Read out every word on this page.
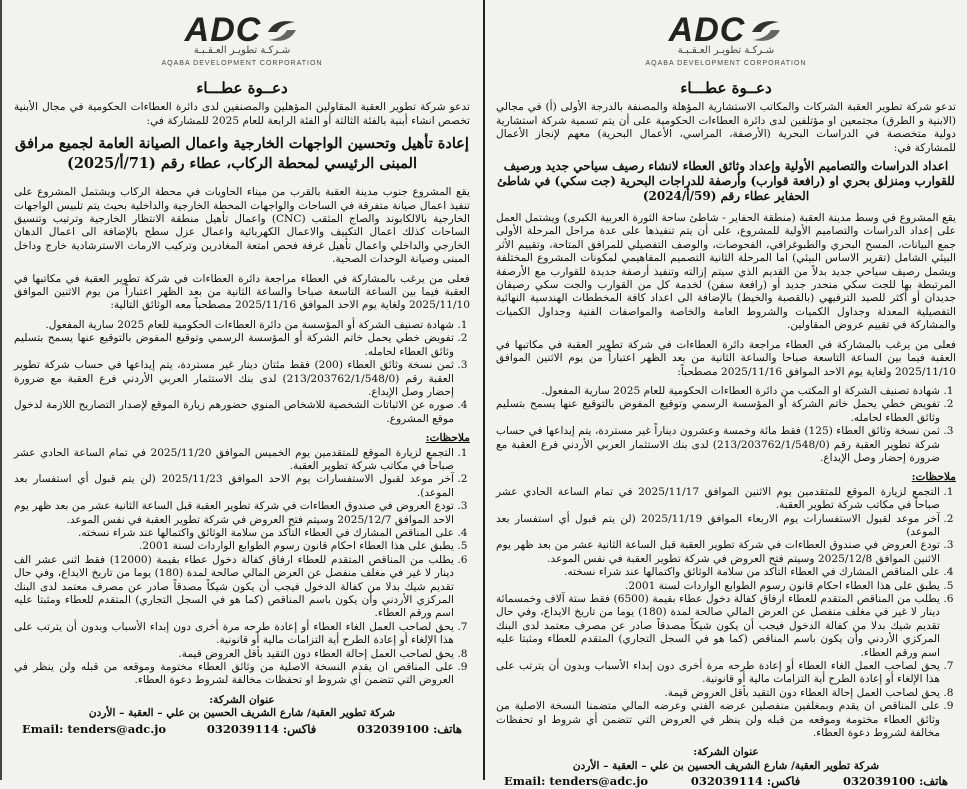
ADC
شـركـة تطويـر العـقـبـة
AQABA DEVELOPMENT CORPORATION
دعــوة عطـــاء

تدعو شركة تطوير العقبة الشركات والمكاتب الاستشارية المؤهلة والمصنفة بالدرجة الأولى (أ) في مجالي (الابنية و الطرق) مجتمعين او مؤتلفين لدى دائرة العطاءات الحكومية على أن يتم تسمية شركة استشارية دولية متخصصة في الدراسات البحرية (الأرصفة، المراسي، الأعمال البحرية) معهم لإنجاز الأعمال للمشاركة في:

اعداد الدراسات والتصاميم الأولية وإعداد وثائق العطاء لانشاء رصيف سياحي جديد ورصيف للقوارب ومنزلق بحري او (رافعة قوارب) وأرصفة للدراجات البحرية (جت سكي) في شاطئ الحفاير عطاء رقم (59/أ/2024)

يقع المشروع في وسط مدينة العقبة (منطقة الحفاير - شاطئ ساحة الثورة العربية الكبرى) ويشتمل العمل على إعداد الدراسات والتصاميم الأولية للمشروع، على أن يتم تنفيذها على عدة مراحل المرحلة الأولى جمع البيانات، المسح البحري والطبوغرافي، الفحوصات، والوصف التفصيلي للمرافق المتاحة، وتقييم الأثر البيئي الشامل (تقرير الاساس البيئي) اما المرحلة الثانية التصميم المفاهيمي لمكونات المشروع المختلفة ويشمل رصيف سياحي جديد بدلاً من القديم الذي سيتم إزالته وتنفيذ أرصفة جديدة للقوارب مع الأرصفة المرتبطة بها للجت سكي منحدر جديد أو (رافعة سفن) لخدمة كل من القوارب والجت سكي رصيفان جديدان أو أكثر للصيد الترفيهي (بالقصبة والخيط) بالإضافة الى اعداد كافة المخططات الهندسية النهائية التفصيلية المعدلة وجداول الكميات والشروط العامة والخاصة والمواصفات الفنية وجداول الكميات والمشاركة في تقييم عروض المقاولين.

فعلى من يرغب بالمشاركة في العطاء مراجعة دائرة العطاءات في شركة تطوير العقبة في مكاتبها في العقبة فيما بين الساعة التاسعة صباحا والساعة الثانية من بعد الظهر اعتباراً من يوم الاثنين الموافق 2025/11/10 ولغاية يوم الاحد الموافق 2025/11/16 مصطحباً:

1. شهادة تصنيف الشركة او المكتب من دائرة العطاءات الحكومية للعام 2025 سارية المفعول.
2. تفويض خطي يحمل خاتم الشركة أو المؤسسة الرسمي وتوقيع المفوض بالتوقيع عنها يسمح بتسليم وثائق العطاء لحامله.
3. ثمن نسخة وثائق العطاء (125) فقط مائة وخمسة وعشرون ديناراً غير مستردة، يتم إيداعها في حساب شركة تطوير العقبة رقم (213/203762/1/548/0) لدى بنك الاستثمار العربي الأردني فرع العقبة مع ضرورة إحضار وصل الإيداع.
ملاحظات:
1. التجمع لزيارة الموقع للمتقدمين يوم الاثنين الموافق 2025/11/17 في تمام الساعة الحادي عشر صباحاً في مكاتب شركة تطوير العقبة.
2. آخر موعد لقبول الاستفسارات يوم الاربعاء الموافق 2025/11/19 (لن يتم قبول أي استفسار بعد الموعد)
3. تودع العروض في صندوق العطاءات في شركة تطوير العقبة قبل الساعة الثانية عشر من بعد ظهر يوم الاثنين الموافق 2025/12/8 وسيتم فتح العروض في شركة تطوير العقبة في نفس الموعد.
4. على المناقص المشارك في العطاء التأكد من سلامة الوثائق واكتمالها عند شراء نسخته.
5. يطبق على هذا العطاء احكام قانون رسوم الطوابع الواردات لسنة 2001.
6. يطلب من المناقص المتقدم للعطاء ارفاق كفالة دخول عطاء بقيمة (6500) فقط ستة آلاف وخمسمائة دينار لا غير في مغلف منفصل عن العرض المالي صالحة لمدة (180) يوما من تاريخ الايداع، وفي حال تقديم شيك بدلا من كفالة الدخول فيجب أن يكون شيكاً مصدقاً صادر عن مصرف معتمد لدى البنك المركزي الأردني وأن يكون باسم المناقص (كما هو في السجل التجاري) المتقدم للعطاء ومثبتا عليه اسم ورقم العطاء.
7. يحق لصاحب العمل الغاء العطاء أو إعادة طرحه مرة أخرى دون إبداء الأسباب وبدون أن يترتب على هذا الإلغاء أو إعادة الطرح أية التزامات مالية أو قانونية.
8. يحق لصاحب العمل إحالة العطاء دون التقيد بأقل العروض قيمة.
9. على المناقص ان يقدم وبمغلفين منفصلين عرضه الفني وعرضه المالي متضمنا النسخة الاصلية من وثائق العطاء مختومة وموقعه من قبله ولن ينظر في العروض التي تتضمن أي شروط او تحفظات مخالفة لشروط دعوة العطاء.
عنوان الشركة:
شركة تطوير العقبة/ شارع الشريف الحسين بن علي – العقبة – الأردن
هاتف: 032039100
فاكس: 032039114
Email: tenders@adc.jo
ADC
شـركـة تطويـر العـقـبـة
AQABA DEVELOPMENT CORPORATION
دعــوة عطـــاء

تدعو شركة تطوير العقبة المقاولين المؤهلين والمصنفين لدى دائرة العطاءات الحكومية في مجال الأبنية تخصص انشاء أبنية بالفئة الثالثة أو الفئة الرابعة للعام 2025 للمشاركة في:

إعادة تأهيل وتحسين الواجهات الخارجية واعمال الصيانة العامة لجميع مرافق المبنى الرئيسي لمحطة الركاب، عطاء رقم (71/أ/2025)

يقع المشروع جنوب مدينة العقبة بالقرب من ميناء الحاويات في محطة الركاب ويشتمل المشروع على تنفيذ اعمال صيانة متفرقة في الساحات والواجهات المحطة الخارجية والداخلية بحيث يتم تلبيس الواجهات الخارجية بالالكابوند والصاج المثقب (CNC) واعمال تأهيل منطقة الانتظار الخارجية وترتيب وتنسيق الساحات كذلك اعمال التكييف والاعمال الكهربائية واعمال عزل سطح بالإضافة الى اعمال الدهان الخارجي والداخلي واعمال تأهيل غرفة فحص امتعة المغادرين وتركيب الارمات الاسترشادية خارج وداخل المبنى وصيانة الوحدات الصحية.

فعلى من يرغب بالمشاركة في العطاء مراجعة دائرة العطاءات في شركة تطوير العقبة في مكاتبها في العقبة فيما بين الساعة التاسعة صباحا والساعة الثانية من بعد الظهر اعتباراً من يوم الاثنين الموافق 2025/11/10 ولغاية يوم الاحد الموافق 2025/11/16 مصطحباً معه الوثائق التالية:

1. شهادة تصنيف الشركة أو المؤسسة من دائرة العطاءات الحكومية للعام 2025 سارية المفعول.
2. تفويض خطي يحمل خاتم الشركة أو المؤسسة الرسمي وتوقيع المفوض بالتوقيع عنها يسمح بتسليم وثائق العطاء لحامله.
3. ثمن نسخة وثائق العطاء (200) فقط مئتان دينار غير مستردة، يتم إيداعها في حساب شركة تطوير العقبة رقم (213/203762/1/548/0) لدى بنك الاستثمار العربي الأردني فرع العقبة مع ضرورة إحضار وصل الإيداع.
4. صوره عن الاثباتات الشخصية للاشخاص المنوي حضورهم زيارة الموقع لإصدار التصاريح اللازمة لدخول موقع المشروع.
ملاحظات:
1. التجمع لزيارة الموقع للمتقدمين يوم الخميس الموافق 2025/11/20 في تمام الساعة الحادي عشر صباحاً في مكاتب شركة تطوير العقبة.
2. آخر موعد لقبول الاستفسارات يوم الاحد الموافق 2025/11/23 (لن يتم قبول أي استفسار بعد الموعد).
3. تودع العروض في صندوق العطاءات في شركة تطوير العقبة قبل الساعة الثانية عشر من بعد ظهر يوم الاحد الموافق 2025/12/7 وسيتم فتح العروض في شركة تطوير العقبة في نفس الموعد.
4. على المناقص المشارك في العطاء التأكد من سلامة الوثائق واكتمالها عند شراء نسخته.
5. يطبق على هذا العطاء احكام قانون رسوم الطوابع الواردات لسنة 2001.
6. يطلب من المناقص المتقدم للعطاء ارفاق كفالة دخول عطاء بقيمة (12000) فقط اثنى عشر الف دينار لا غير في مغلف منفصل عن العرض المالي صالحة لمدة (180) يوما من تاريخ الايداع، وفي حال تقديم شيك بدلا من كفالة الدخول فيجب أن يكون شيكاً مصدقاً صادر عن مصرف معتمد لدى البنك المركزي الأردني وأن يكون باسم المناقص (كما هو في السجل التجاري) المتقدم للعطاء ومثبتا عليه اسم ورقم العطاء.
7. يحق لصاحب العمل الغاء العطاء أو إعادة طرحه مرة أخرى دون إبداء الأسباب وبدون أن يترتب على هذا الإلغاء أو إعادة الطرح أية التزامات مالية أو قانونية.
8. يحق لصاحب العمل إحالة العطاء دون التقيد بأقل العروض قيمة.
9. على المناقص ان يقدم النسخة الاصلية من وثائق العطاء مختومة وموقعه من قبله ولن ينظر في العروض التي تتضمن أي شروط او تحفظات مخالفة لشروط دعوة العطاء.
عنوان الشركة:
شركة تطوير العقبة/ شارع الشريف الحسين بن علي – العقبة – الأردن
هاتف: 032039100
فاكس: 032039114
Email: tenders@adc.jo
